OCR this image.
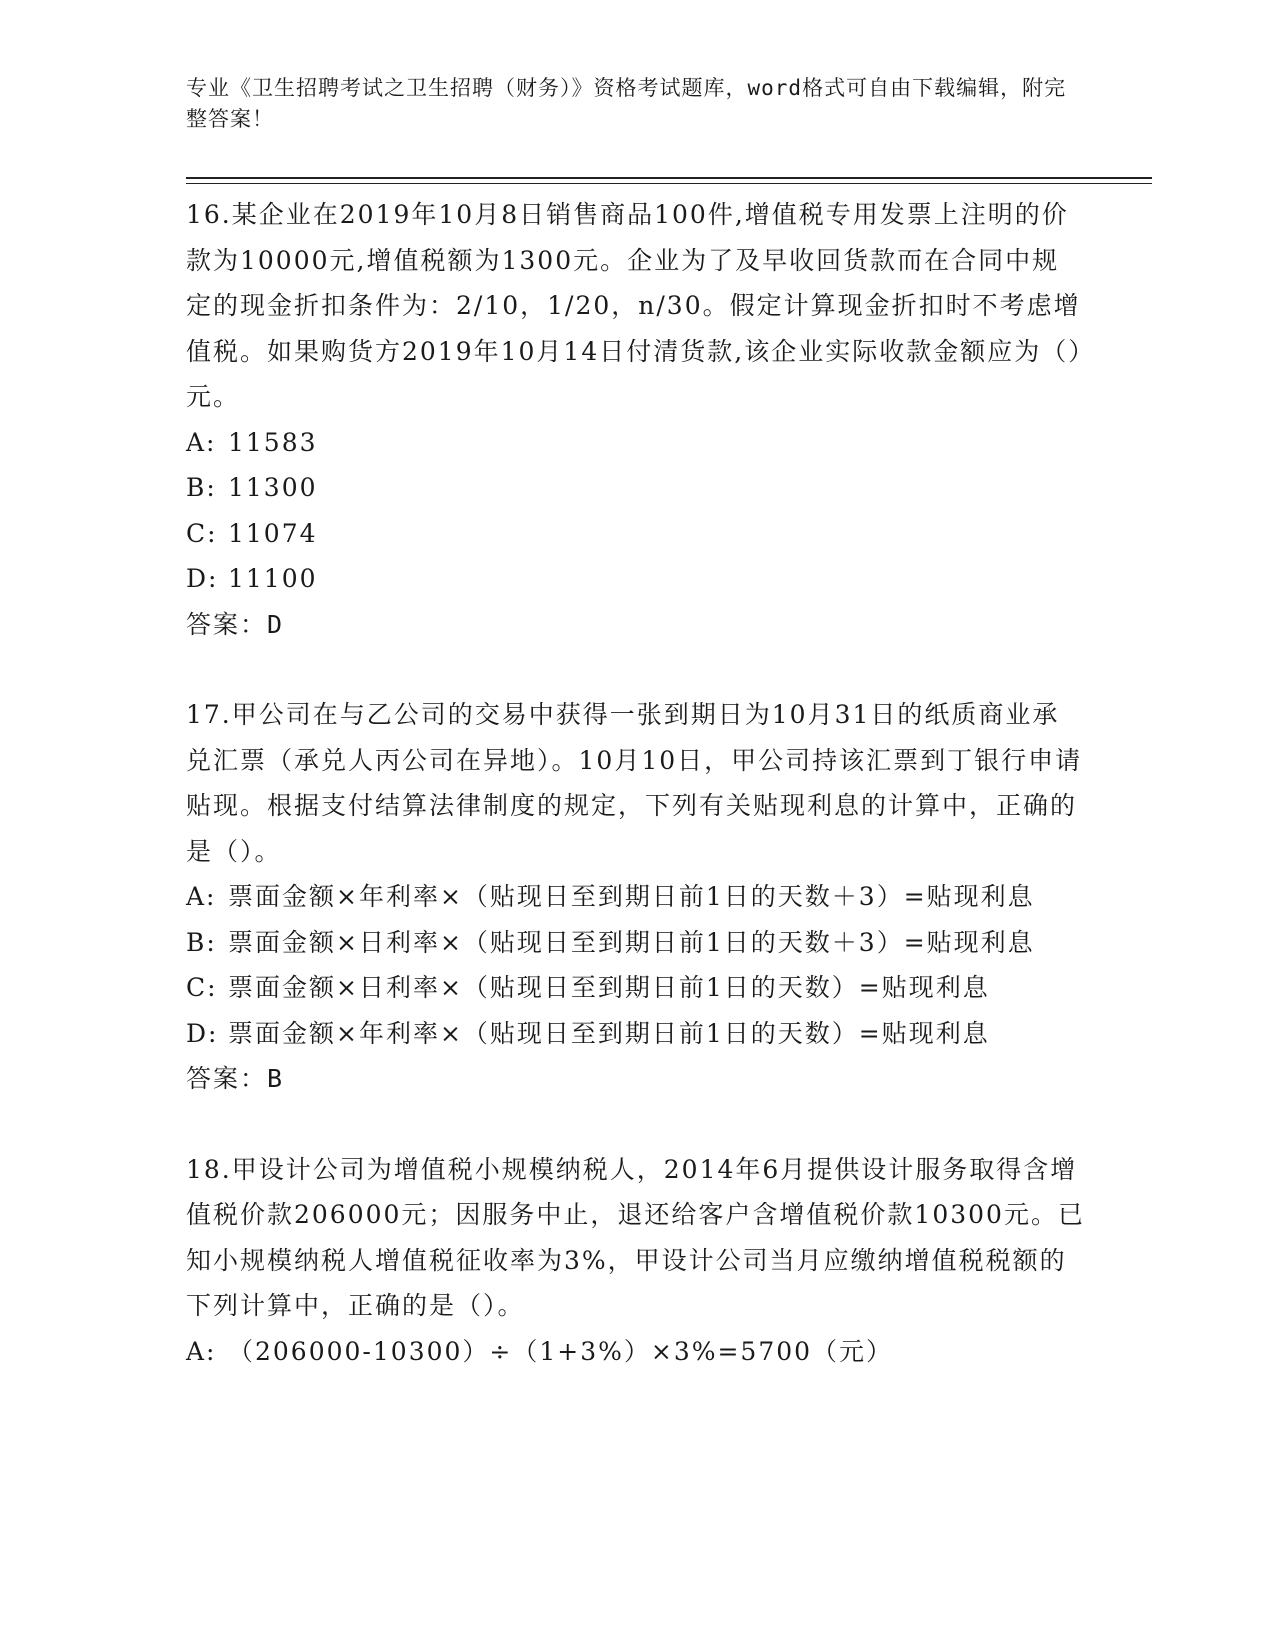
专业《卫生招聘考试之卫生招聘（财务）》资格考试题库，word格式可自由下载编辑，附完整答案！

16.某企业在2019年10月8日销售商品100件,增值税专用发票上注明的价款为10000元,增值税额为1300元。企业为了及早收回货款而在合同中规定的现金折扣条件为：2/10，1/20，n/30。假定计算现金折扣时不考虑增值税。如果购货方2019年10月14日付清货款,该企业实际收款金额应为（）元。

A: 11583

B: 11300

C: 11074

D: 11100

答案：D

17.甲公司在与乙公司的交易中获得一张到期日为10月31日的纸质商业承兑汇票（承兑人丙公司在异地）。10月10日，甲公司持该汇票到丁银行申请贴现。根据支付结算法律制度的规定，下列有关贴现利息的计算中，正确的是（）。

A: 票面金额×年利率×（贴现日至到期日前1日的天数＋3）=贴现利息

B: 票面金额×日利率×（贴现日至到期日前1日的天数＋3）=贴现利息

C: 票面金额×日利率×（贴现日至到期日前1日的天数）=贴现利息

D: 票面金额×年利率×（贴现日至到期日前1日的天数）=贴现利息

答案：B

18.甲设计公司为增值税小规模纳税人，2014年6月提供设计服务取得含增值税价款206000元；因服务中止，退还给客户含增值税价款10300元。已知小规模纳税人增值税征收率为3%，甲设计公司当月应缴纳增值税税额的下列计算中，正确的是（）。

A: （206000-10300）÷（1+3%）×3%=5700（元）
